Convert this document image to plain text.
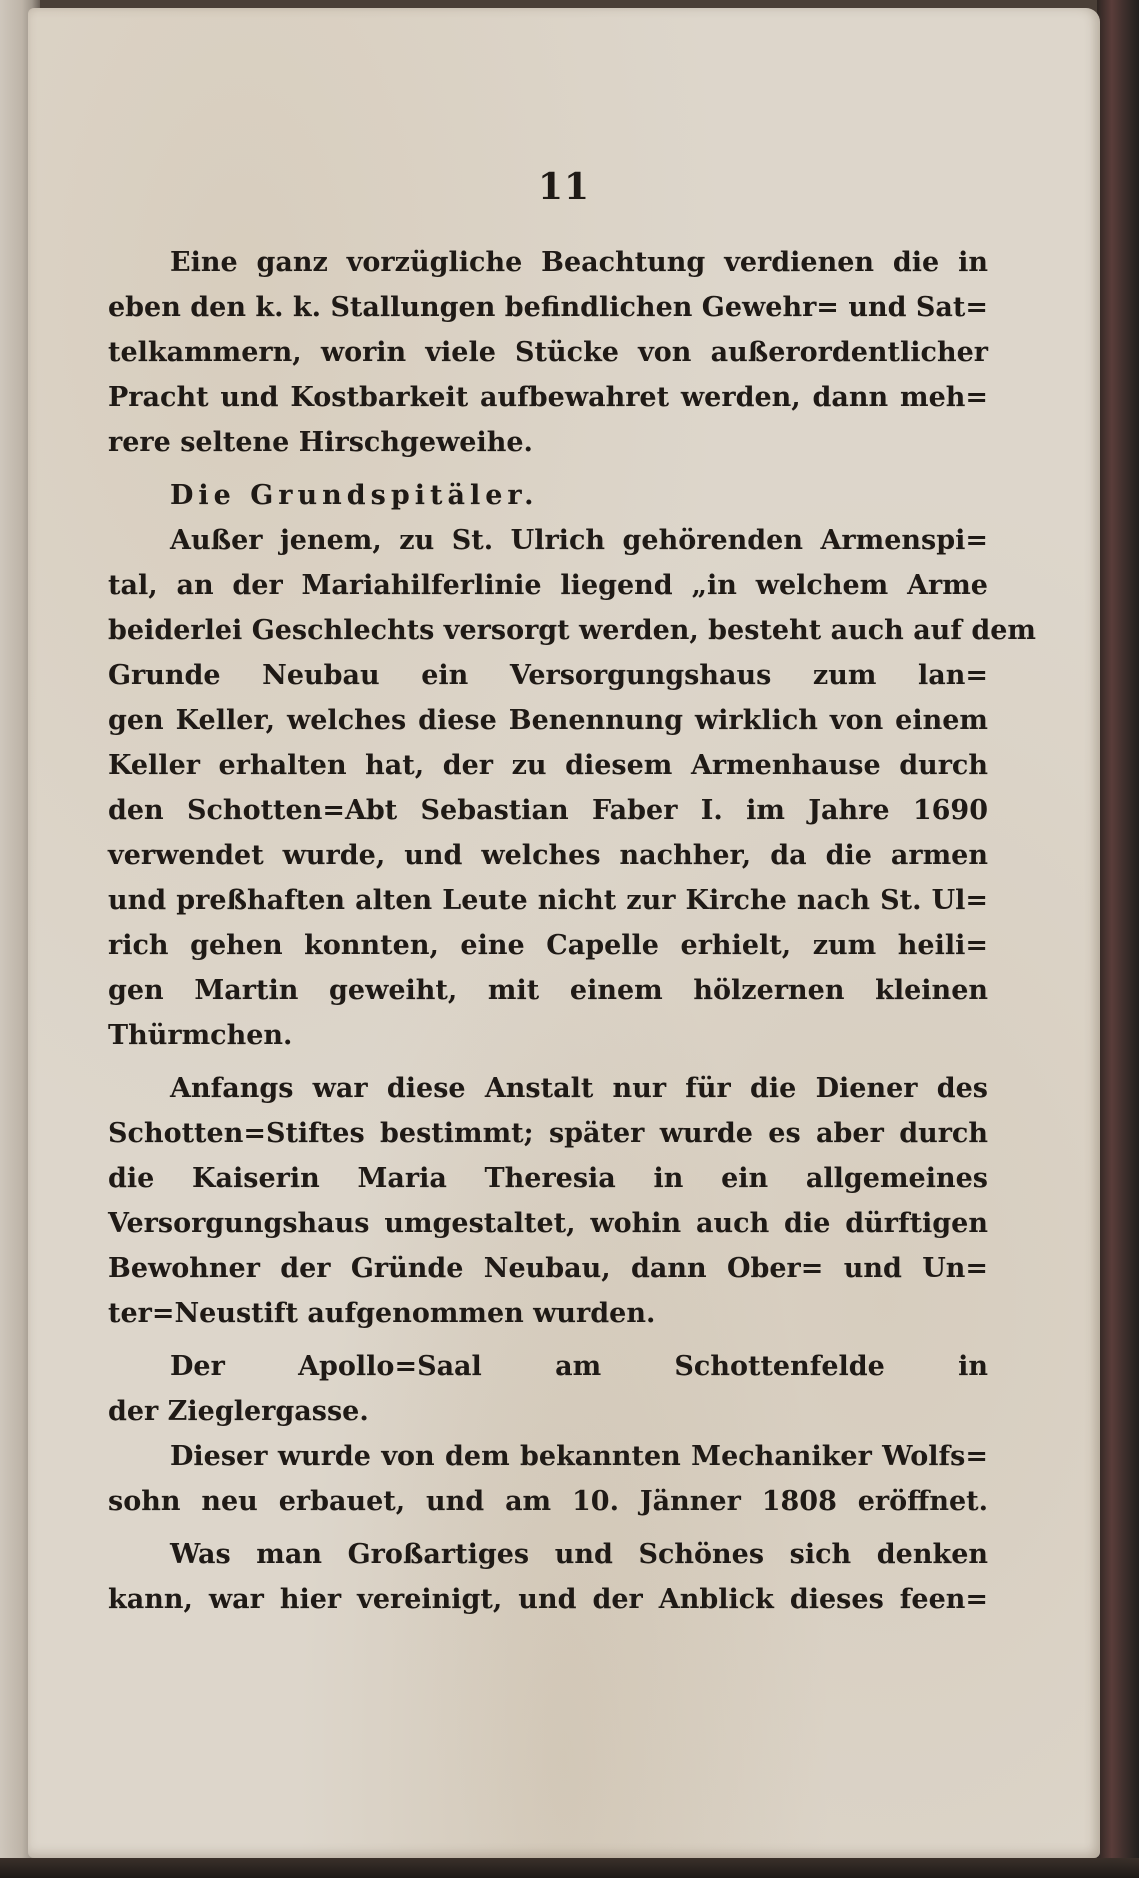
11
Eine ganz vorzügliche Beachtung verdienen die in
eben den k. k. Stallungen befindlichen Gewehr= und Sat=
telkammern, worin viele Stücke von außerordentlicher
Pracht und Kostbarkeit aufbewahret werden, dann meh=
rere seltene Hirschgeweihe.
Die Grundspitäler.
Außer jenem, zu St. Ulrich gehörenden Armenspi=
tal, an der Mariahilferlinie liegend „in welchem Arme
beiderlei Geschlechts versorgt werden, besteht auch auf dem
Grunde Neubau ein Versorgungshaus zum lan=
gen Keller, welches diese Benennung wirklich von einem
Keller erhalten hat, der zu diesem Armenhause durch
den Schotten=Abt Sebastian Faber I. im Jahre 1690
verwendet wurde, und welches nachher, da die armen
und preßhaften alten Leute nicht zur Kirche nach St. Ul=
rich gehen konnten, eine Capelle erhielt, zum heili=
gen Martin geweiht, mit einem hölzernen kleinen
Thürmchen.
Anfangs war diese Anstalt nur für die Diener des
Schotten=Stiftes bestimmt; später wurde es aber durch
die Kaiserin Maria Theresia in ein allgemeines
Versorgungshaus umgestaltet, wohin auch die dürftigen
Bewohner der Gründe Neubau, dann Ober= und Un=
ter=Neustift aufgenommen wurden.
Der Apollo=Saal am Schottenfelde in
der Zieglergasse.
Dieser wurde von dem bekannten Mechaniker Wolfs=
sohn neu erbauet, und am 10. Jänner 1808 eröffnet.
Was man Großartiges und Schönes sich denken
kann, war hier vereinigt, und der Anblick dieses feen=
